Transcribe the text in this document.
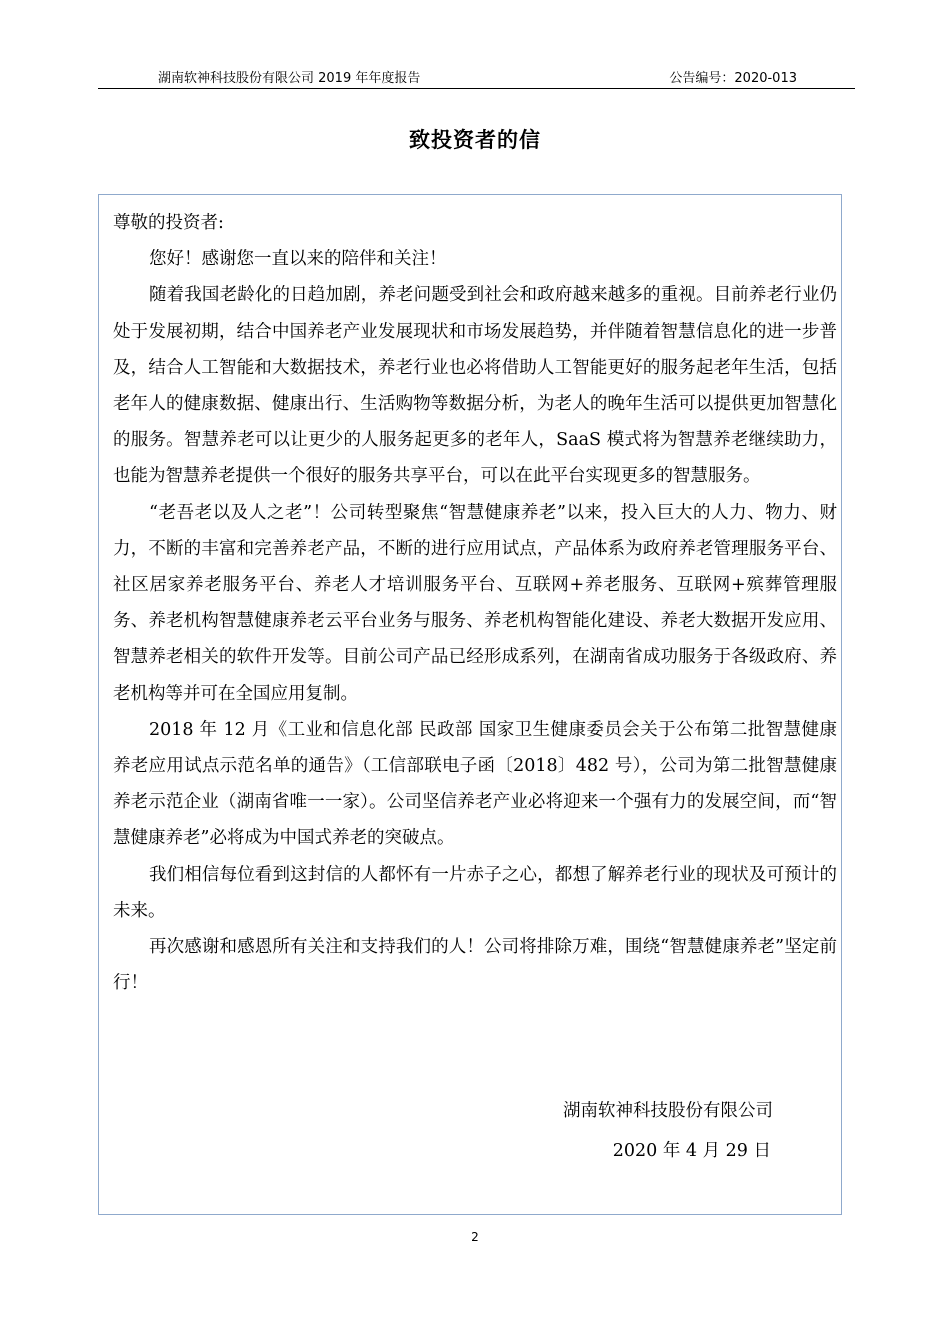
湖南软神科技股份有限公司 2019 年年度报告	公告编号：2020-013
致投资者的信

尊敬的投资者:

您好！感谢您一直以来的陪伴和关注！

随着我国老龄化的日趋加剧，养老问题受到社会和政府越来越多的重视。目前养老行业仍处于发展初期，结合中国养老产业发展现状和市场发展趋势，并伴随着智慧信息化的进一步普及，结合人工智能和大数据技术，养老行业也必将借助人工智能更好的服务起老年生活，包括老年人的健康数据、健康出行、生活购物等数据分析，为老人的晚年生活可以提供更加智慧化的服务。智慧养老可以让更少的人服务起更多的老年人，SaaS 模式将为智慧养老继续助力，也能为智慧养老提供一个很好的服务共享平台，可以在此平台实现更多的智慧服务。

“老吾老以及人之老”！公司转型聚焦“智慧健康养老”以来，投入巨大的人力、物力、财力，不断的丰富和完善养老产品，不断的进行应用试点，产品体系为政府养老管理服务平台、社区居家养老服务平台、养老人才培训服务平台、互联网+养老服务、互联网+殡葬管理服务、养老机构智慧健康养老云平台业务与服务、养老机构智能化建设、养老大数据开发应用、智慧养老相关的软件开发等。目前公司产品已经形成系列，在湖南省成功服务于各级政府、养老机构等并可在全国应用复制。

2018 年 12 月《工业和信息化部 民政部 国家卫生健康委员会关于公布第二批智慧健康养老应用试点示范名单的通告》（工信部联电子函〔2018〕482 号），公司为第二批智慧健康养老示范企业（湖南省唯一一家）。公司坚信养老产业必将迎来一个强有力的发展空间，而“智慧健康养老”必将成为中国式养老的突破点。

我们相信每位看到这封信的人都怀有一片赤子之心，都想了解养老行业的现状及可预计的未来。

再次感谢和感恩所有关注和支持我们的人！公司将排除万难，围绕“智慧健康养老”坚定前行！

湖南软神科技股份有限公司
2020 年 4 月 29 日
2
